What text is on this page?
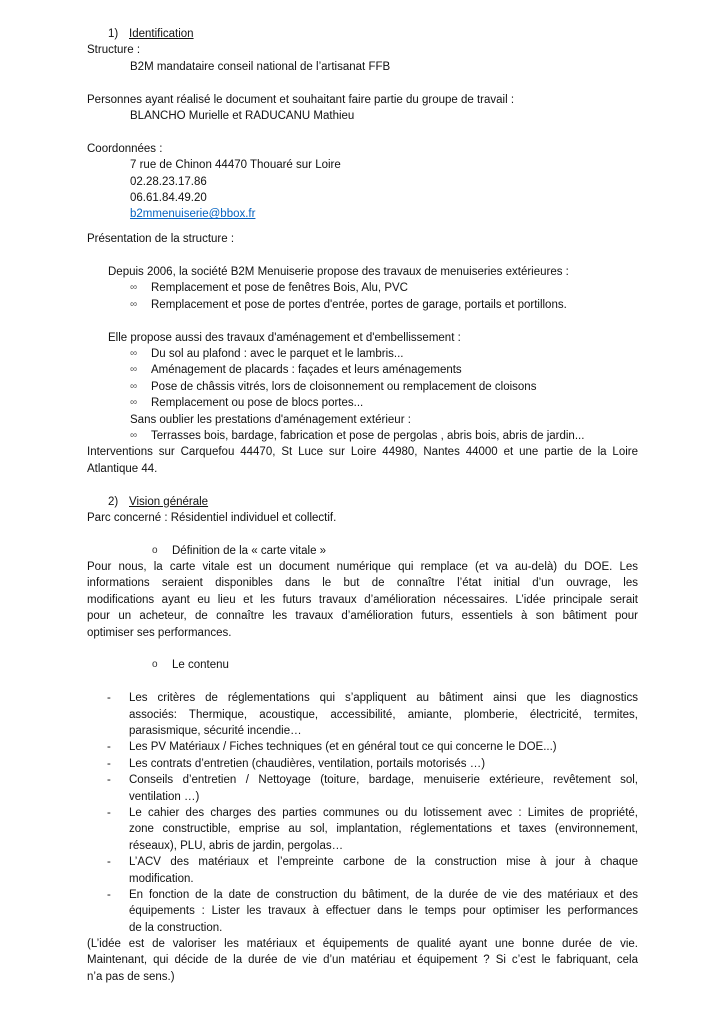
1) Identification
Structure :
B2M mandataire conseil national de l’artisanat FFB
Personnes ayant réalisé le document et souhaitant faire partie du groupe de travail :
BLANCHO Murielle et RADUCANU Mathieu
Coordonnées :
7 rue de Chinon 44470 Thouaré sur Loire
02.28.23.17.86
06.61.84.49.20
b2mmenuiserie@bbox.fr
Présentation de la structure :
Depuis 2006, la société B2M Menuiserie propose des travaux de menuiseries extérieures :
∞	Remplacement et pose de fenêtres Bois, Alu, PVC
∞	Remplacement et pose de portes d'entrée, portes de garage, portails et portillons.
Elle propose aussi des travaux d'aménagement et d'embellissement :
∞	Du sol au plafond : avec le parquet et le lambris...
∞	Aménagement de placards : façades et leurs aménagements
∞	Pose de châssis vitrés, lors de cloisonnement ou remplacement de cloisons
∞	Remplacement ou pose de blocs portes...
Sans oublier les prestations d'aménagement extérieur :
∞	Terrasses bois, bardage, fabrication et pose de pergolas , abris bois, abris de jardin...
Interventions sur Carquefou 44470, St Luce sur Loire 44980, Nantes 44000 et une partie de la Loire
Atlantique 44.
2) Vision générale
Parc concerné : Résidentiel individuel et collectif.
o Définition de la « carte vitale »
Pour nous, la carte vitale est un document numérique qui remplace (et va au-delà) du DOE. Les
informations seraient disponibles dans le but de connaître l’état initial d’un ouvrage, les
modifications ayant eu lieu et les futurs travaux d’amélioration nécessaires. L’idée principale serait
pour un acheteur, de connaître les travaux d’amélioration futurs, essentiels à son bâtiment pour
optimiser ses performances.
o Le contenu
- Les critères de réglementations qui s’appliquent au bâtiment ainsi que les diagnostics
associés: Thermique, acoustique, accessibilité, amiante, plomberie, électricité, termites,
parasismique, sécurité incendie…
- Les PV Matériaux / Fiches techniques (et en général tout ce qui concerne le DOE...)
- Les contrats d’entretien (chaudières, ventilation, portails motorisés …)
- Conseils d’entretien / Nettoyage (toiture, bardage, menuiserie extérieure, revêtement sol,
ventilation …)
- Le cahier des charges des parties communes ou du lotissement avec : Limites de propriété,
zone constructible, emprise au sol, implantation, réglementations et taxes (environnement,
réseaux), PLU, abris de jardin, pergolas…
- L’ACV des matériaux et l’empreinte carbone de la construction mise à jour à chaque
modification.
- En fonction de la date de construction du bâtiment, de la durée de vie des matériaux et des
équipements : Lister les travaux à effectuer dans le temps pour optimiser les performances
de la construction.
(L’idée est de valoriser les matériaux et équipements de qualité ayant une bonne durée de vie.
Maintenant, qui décide de la durée de vie d’un matériau et équipement ? Si c’est le fabriquant, cela
n’a pas de sens.)
